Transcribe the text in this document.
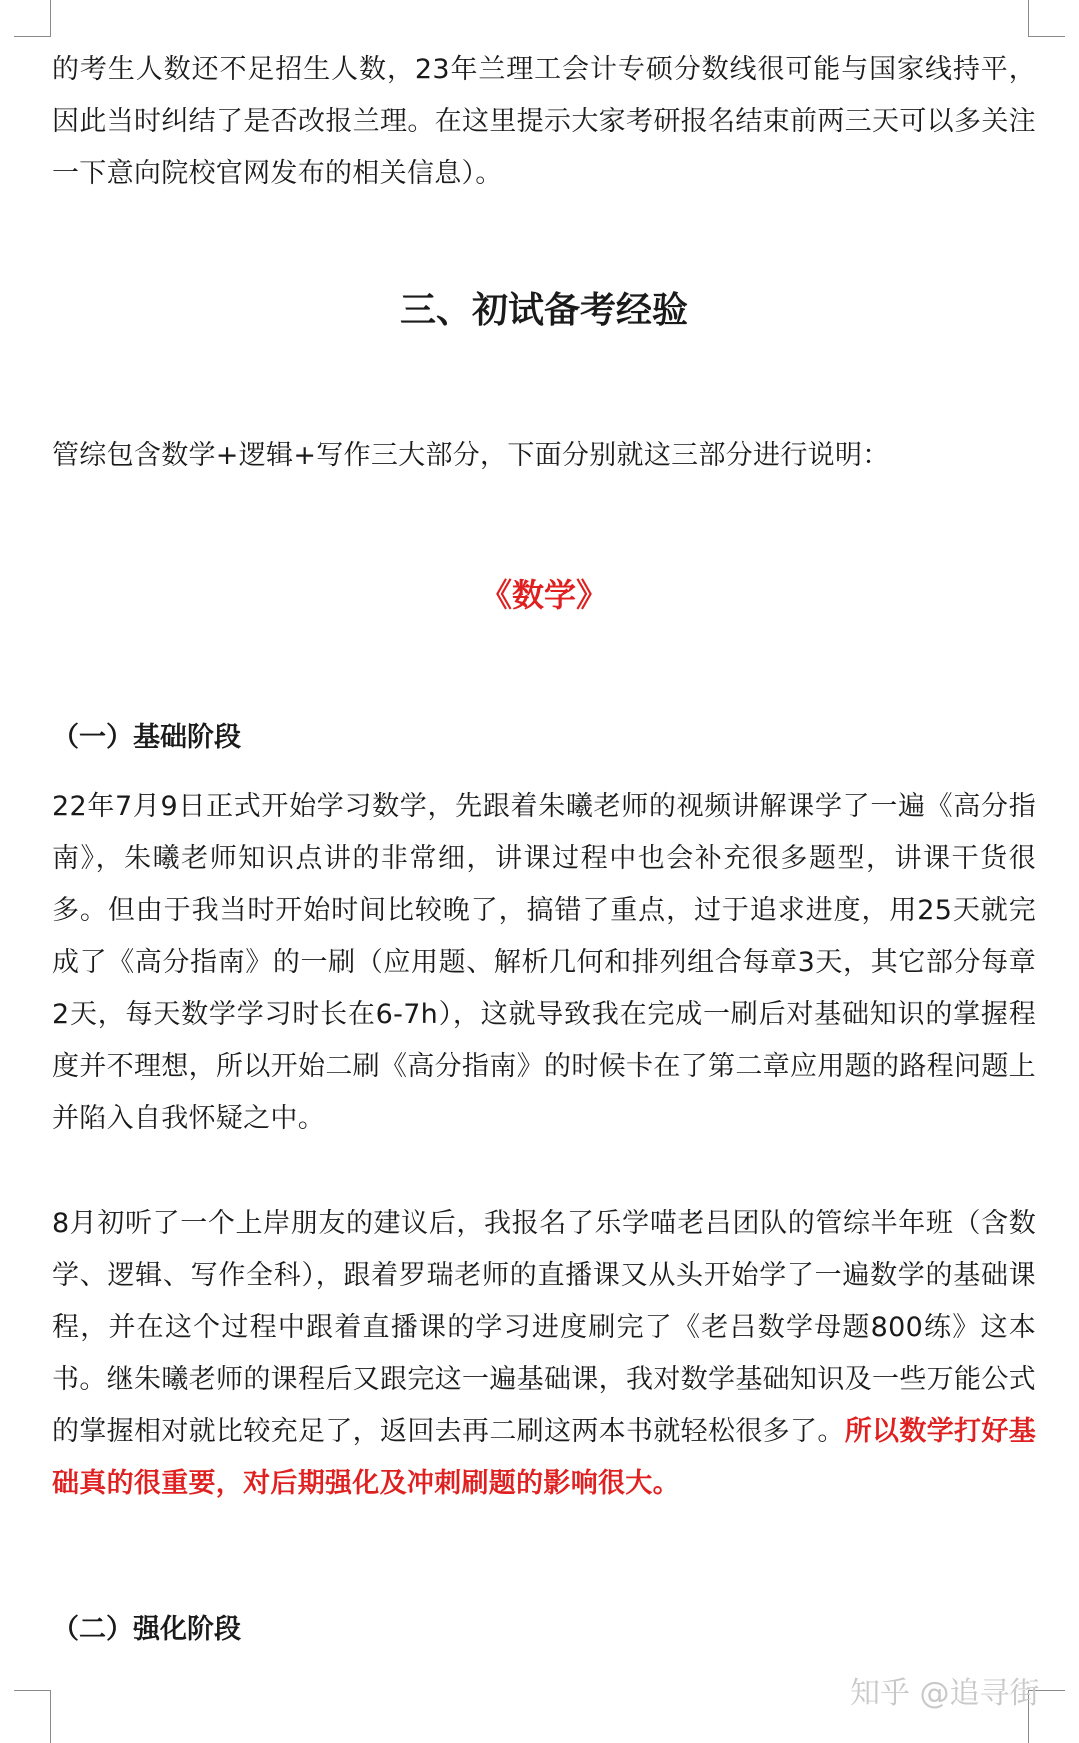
的考生人数还不足招生人数，23年兰理工会计专硕分数线很可能与国家线持平，因此当时纠结了是否改报兰理。在这里提示大家考研报名结束前两三天可以多关注一下意向院校官网发布的相关信息）。

三、初试备考经验

管综包含数学+逻辑+写作三大部分，下面分别就这三部分进行说明：

《数学》
（一）基础阶段

22年7月9日正式开始学习数学，先跟着朱曦老师的视频讲解课学了一遍《高分指南》，朱曦老师知识点讲的非常细，讲课过程中也会补充很多题型，讲课干货很多。但由于我当时开始时间比较晚了，搞错了重点，过于追求进度，用25天就完成了《高分指南》的一刷（应用题、解析几何和排列组合每章3天，其它部分每章2天，每天数学学习时长在6-7h），这就导致我在完成一刷后对基础知识的掌握程度并不理想，所以开始二刷《高分指南》的时候卡在了第二章应用题的路程问题上并陷入自我怀疑之中。

8月初听了一个上岸朋友的建议后，我报名了乐学喵老吕团队的管综半年班（含数学、逻辑、写作全科），跟着罗瑞老师的直播课又从头开始学了一遍数学的基础课程，并在这个过程中跟着直播课的学习进度刷完了《老吕数学母题800练》这本书。继朱曦老师的课程后又跟完这一遍基础课，我对数学基础知识及一些万能公式的掌握相对就比较充足了，返回去再二刷这两本书就轻松很多了。所以数学打好基础真的很重要，对后期强化及冲刺刷题的影响很大。

（二）强化阶段
知乎 @追寻街
